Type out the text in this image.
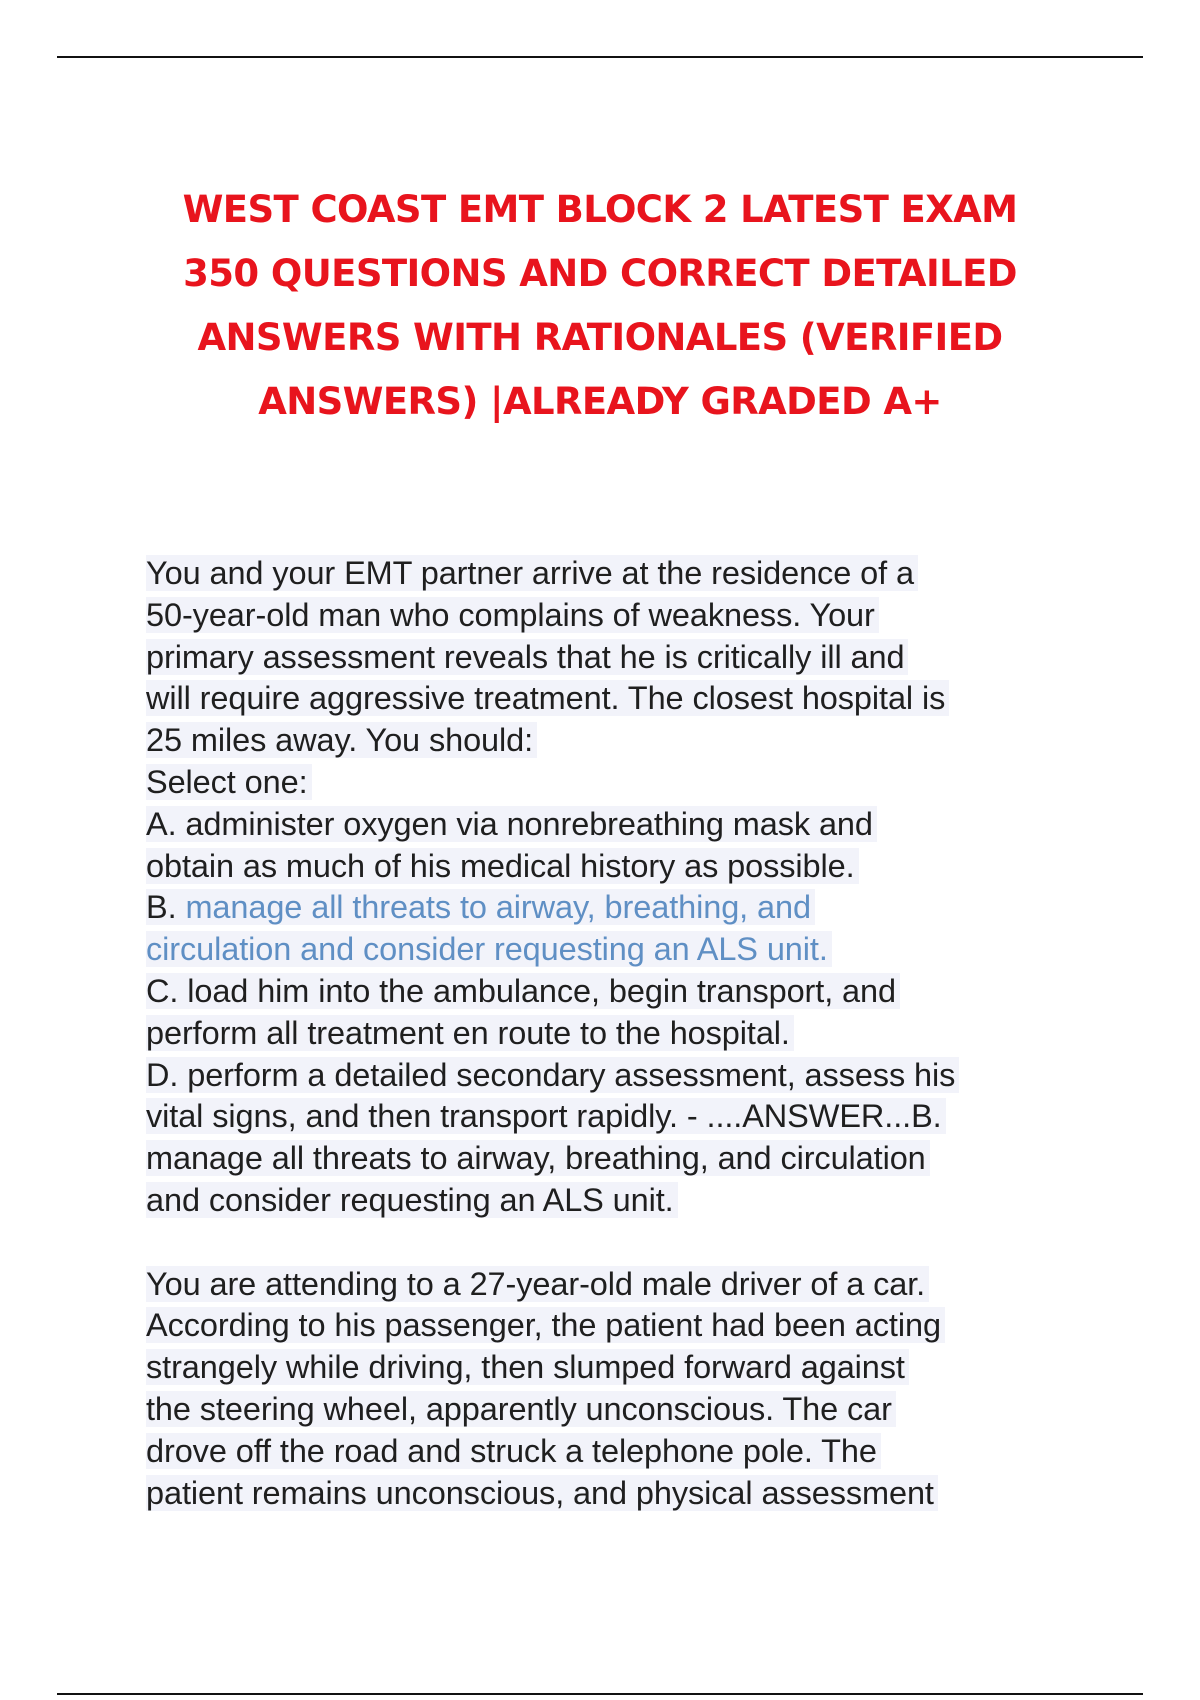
WEST COAST EMT BLOCK 2 LATEST EXAM
350 QUESTIONS AND CORRECT DETAILED
ANSWERS WITH RATIONALES (VERIFIED
ANSWERS) |ALREADY GRADED A+
You and your EMT partner arrive at the residence of a
50-year-old man who complains of weakness. Your
primary assessment reveals that he is critically ill and
will require aggressive treatment. The closest hospital is
25 miles away. You should:
Select one:
A. administer oxygen via nonrebreathing mask and
obtain as much of his medical history as possible.
B. manage all threats to airway, breathing, and
circulation and consider requesting an ALS unit.
C. load him into the ambulance, begin transport, and
perform all treatment en route to the hospital.
D. perform a detailed secondary assessment, assess his
vital signs, and then transport rapidly. - ....ANSWER...B.
manage all threats to airway, breathing, and circulation
and consider requesting an ALS unit.
You are attending to a 27-year-old male driver of a car.
According to his passenger, the patient had been acting
strangely while driving, then slumped forward against
the steering wheel, apparently unconscious. The car
drove off the road and struck a telephone pole. The
patient remains unconscious, and physical assessment
